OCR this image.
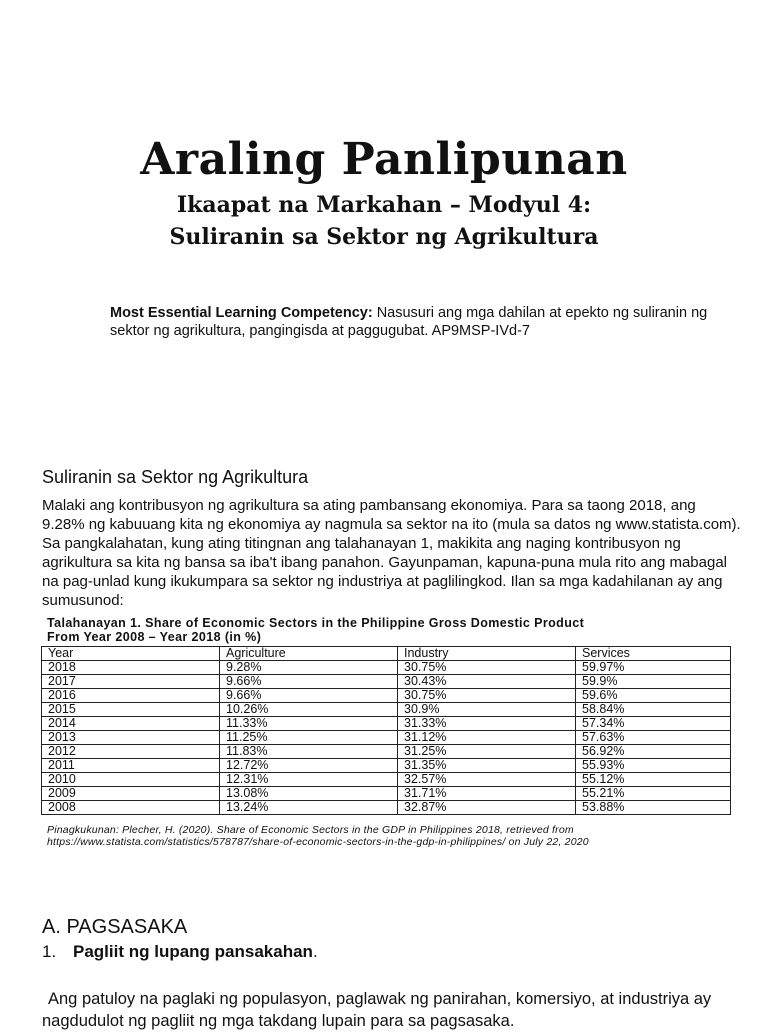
Araling Panlipunan
Ikaapat na Markahan – Modyul 4:
Suliranin sa Sektor ng Agrikultura

Most Essential Learning Competency: Nasusuri ang mga dahilan at epekto ng suliranin ng sektor ng agrikultura, pangingisda at paggugubat. AP9MSP-IVd-7

Suliranin sa Sektor ng Agrikultura

Malaki ang kontribusyon ng agrikultura sa ating pambansang ekonomiya. Para sa taong 2018, ang 9.28% ng kabuuang kita ng ekonomiya ay nagmula sa sektor na ito (mula sa datos ng www.statista.com). Sa pangkalahatan, kung ating titingnan ang talahanayan 1, makikita ang naging kontribusyon ng agrikultura sa kita ng bansa sa iba't ibang panahon. Gayunpaman, kapuna-puna mula rito ang mabagal na pag-unlad kung ikukumpara sa sektor ng industriya at paglilingkod. Ilan sa mga kadahilanan ay ang sumusunod:

Talahanayan 1. Share of Economic Sectors in the Philippine Gross Domestic Product
From Year 2008 – Year 2018 (in %)
Year	Agriculture	Industry	Services
2018	9.28%	30.75%	59.97%
2017	9.66%	30.43%	59.9%
2016	9.66%	30.75%	59.6%
2015	10.26%	30.9%	58.84%
2014	11.33%	31.33%	57.34%
2013	11.25%	31.12%	57.63%
2012	11.83%	31.25%	56.92%
2011	12.72%	31.35%	55.93%
2010	12.31%	32.57%	55.12%
2009	13.08%	31.71%	55.21%
2008	13.24%	32.87%	53.88%
Pinagkukunan: Plecher, H. (2020). Share of Economic Sectors in the GDP in Philippines 2018, retrieved from
https://www.statista.com/statistics/578787/share-of-economic-sectors-in-the-gdp-in-philippines/ on July 22, 2020
A. PAGSASAKA

1. Pagliit ng lupang pansakahan.

Ang patuloy na paglaki ng populasyon, paglawak ng panirahan, komersiyo, at industriya ay nagdudulot ng pagliit ng mga takdang lupain para sa pagsasaka.
